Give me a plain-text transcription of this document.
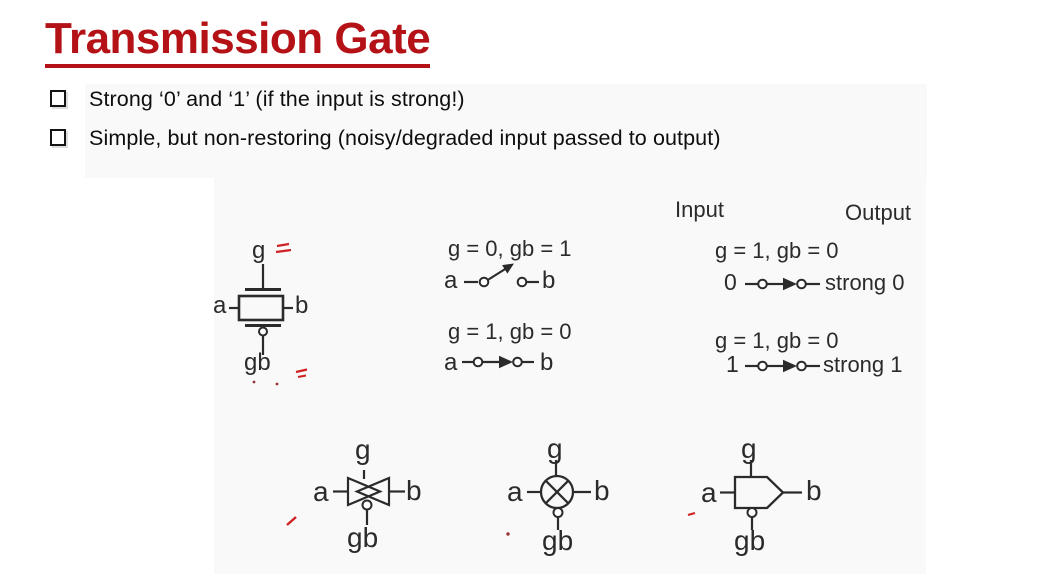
Transmission Gate
Strong ‘0’ and ‘1’ (if the input is strong!)
Simple, but non-restoring (noisy/degraded input passed to output)
g
a	b
gb
g = 0, gb = 1
a	b
g = 1, gb = 0
a	b
Input	Output
g = 1, gb = 0
0	strong 0
g = 1, gb = 0
1	strong 1
g
a	b
gb
g
a	b
gb
g
a	b
gb
